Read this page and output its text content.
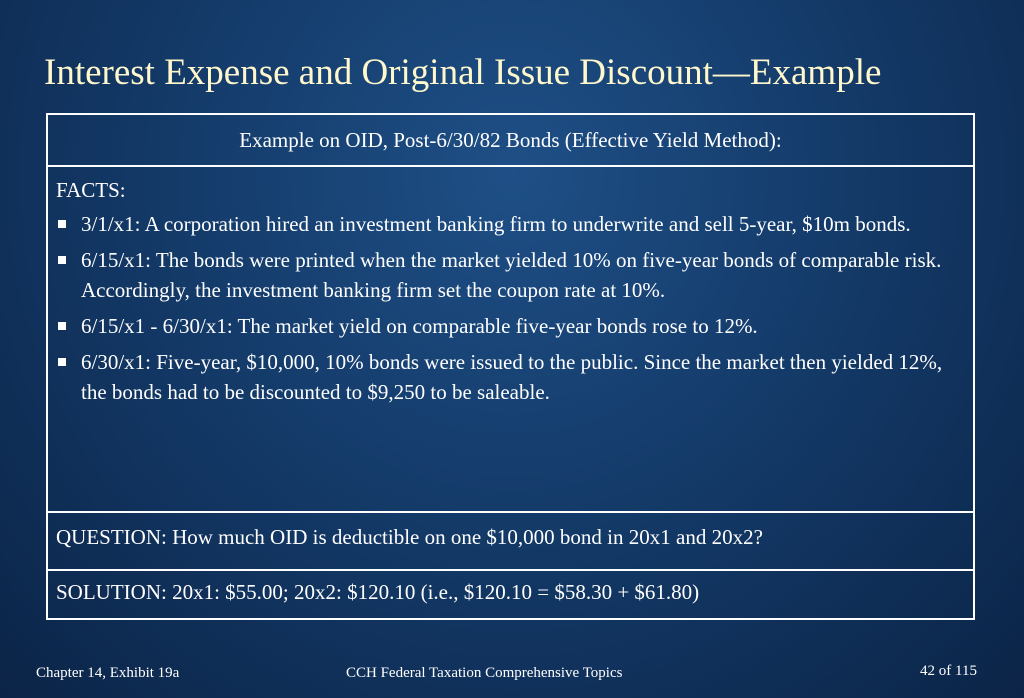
Interest Expense and Original Issue Discount—Example
Example on OID, Post-6/30/82 Bonds (Effective Yield Method):
FACTS:
3/1/x1: A corporation hired an investment banking firm to underwrite and sell 5-year, $10m bonds.
6/15/x1: The bonds were printed when the market yielded 10% on five-year bonds of comparable risk. Accordingly, the investment banking firm set the coupon rate at 10%.
6/15/x1 - 6/30/x1: The market yield on comparable five-year bonds rose to 12%.
6/30/x1: Five-year, $10,000, 10% bonds were issued to the public. Since the market then yielded 12%, the bonds had to be discounted to $9,250 to be saleable.
QUESTION: How much OID is deductible on one $10,000 bond in 20x1 and 20x2?
SOLUTION: 20x1: $55.00; 20x2: $120.10 (i.e., $120.10 = $58.30 + $61.80)
Chapter 14, Exhibit 19a	CCH Federal Taxation Comprehensive Topics	42 of 115
